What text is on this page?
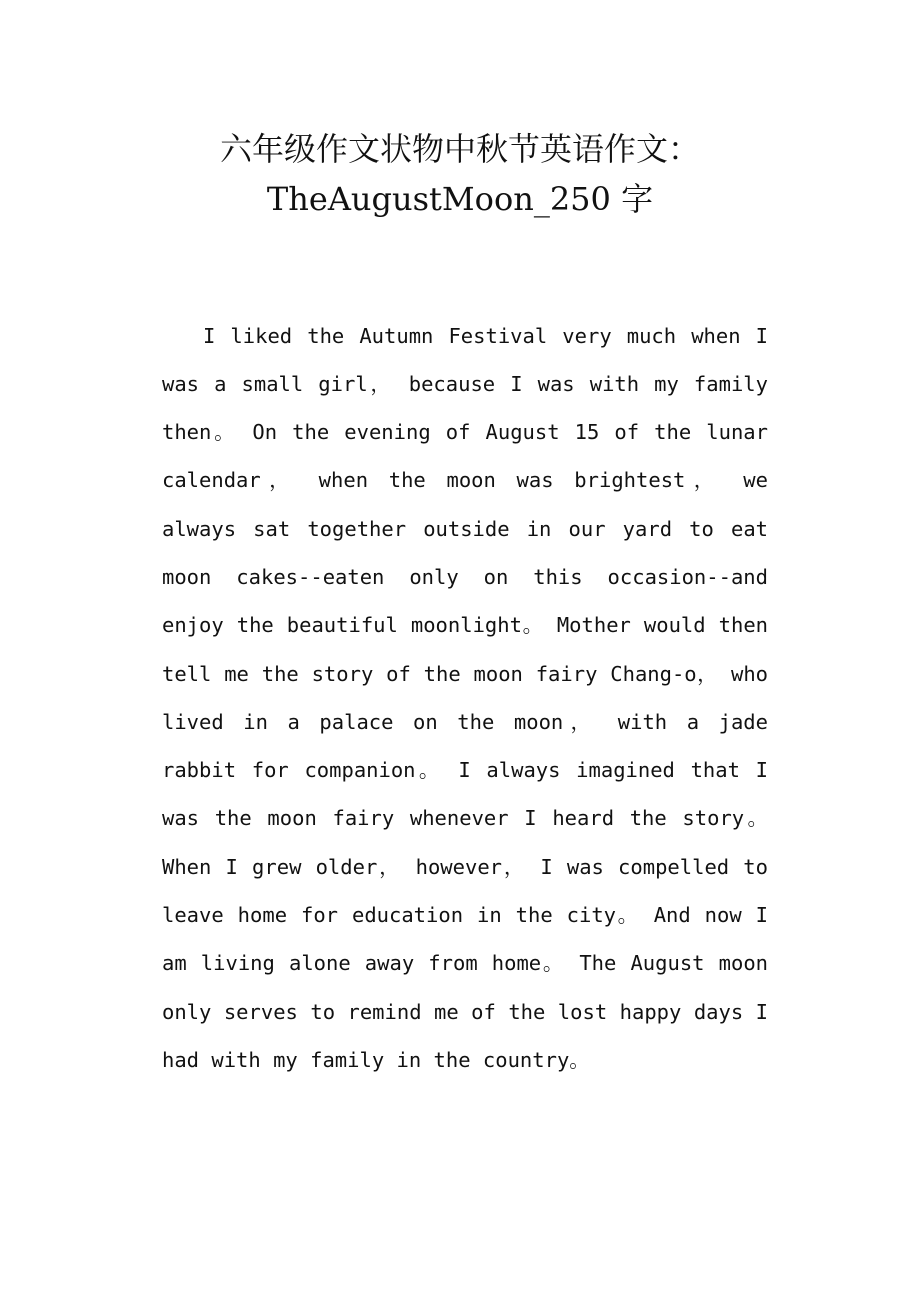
六年级作文状物中秋节英语作文：
TheAugustMoon_250 字

I liked the Autumn Festival very much when I was a small girl， because I was with my family then。 On the evening of August 15 of the lunar calendar， when the moon was brightest， we always sat together outside in our yard to eat moon cakes--eaten only on this occasion--and enjoy the beautiful moonlight。 Mother would then tell me the story of the moon fairy Chang-o， who lived in a palace on the moon， with a jade rabbit for companion。 I always imagined that I was the moon fairy whenever I heard the story。 When I grew older， however， I was compelled to leave home for education in the city。 And now I am living alone away from home。 The August moon only serves to remind me of the lost happy days I had with my family in the country。
